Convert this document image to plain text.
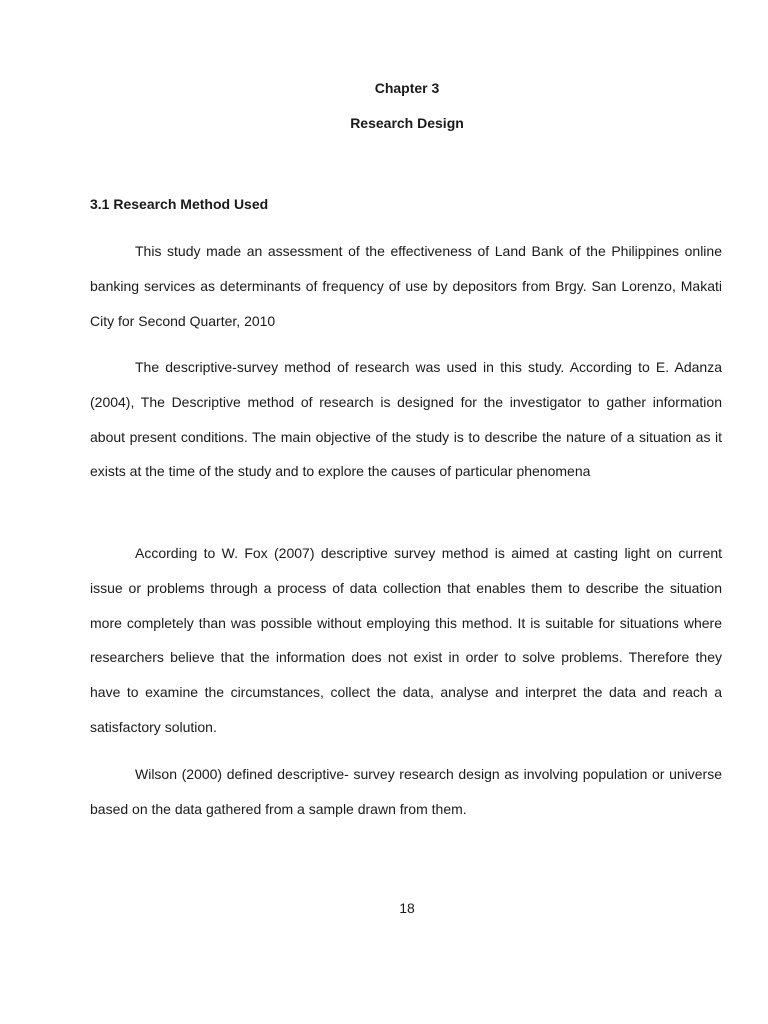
Chapter 3
Research Design
3.1 Research Method Used

This study made an assessment of the effectiveness of Land Bank of the Philippines online banking services as determinants of frequency of use by depositors from Brgy. San Lorenzo, Makati City for Second Quarter, 2010

The descriptive-survey method of research was used in this study. According to E. Adanza (2004), The Descriptive method of research is designed for the investigator to gather information about present conditions. The main objective of the study is to describe the nature of a situation as it exists at the time of the study and to explore the causes of particular phenomena

According to W. Fox (2007) descriptive survey method is aimed at casting light on current issue or problems through a process of data collection that enables them to describe the situation more completely than was possible without employing this method. It is suitable for situations where researchers believe that the information does not exist in order to solve problems. Therefore they have to examine the circumstances, collect the data, analyse and interpret the data and reach a satisfactory solution.

Wilson (2000) defined descriptive- survey research design as involving population or universe based on the data gathered from a sample drawn from them.

18
